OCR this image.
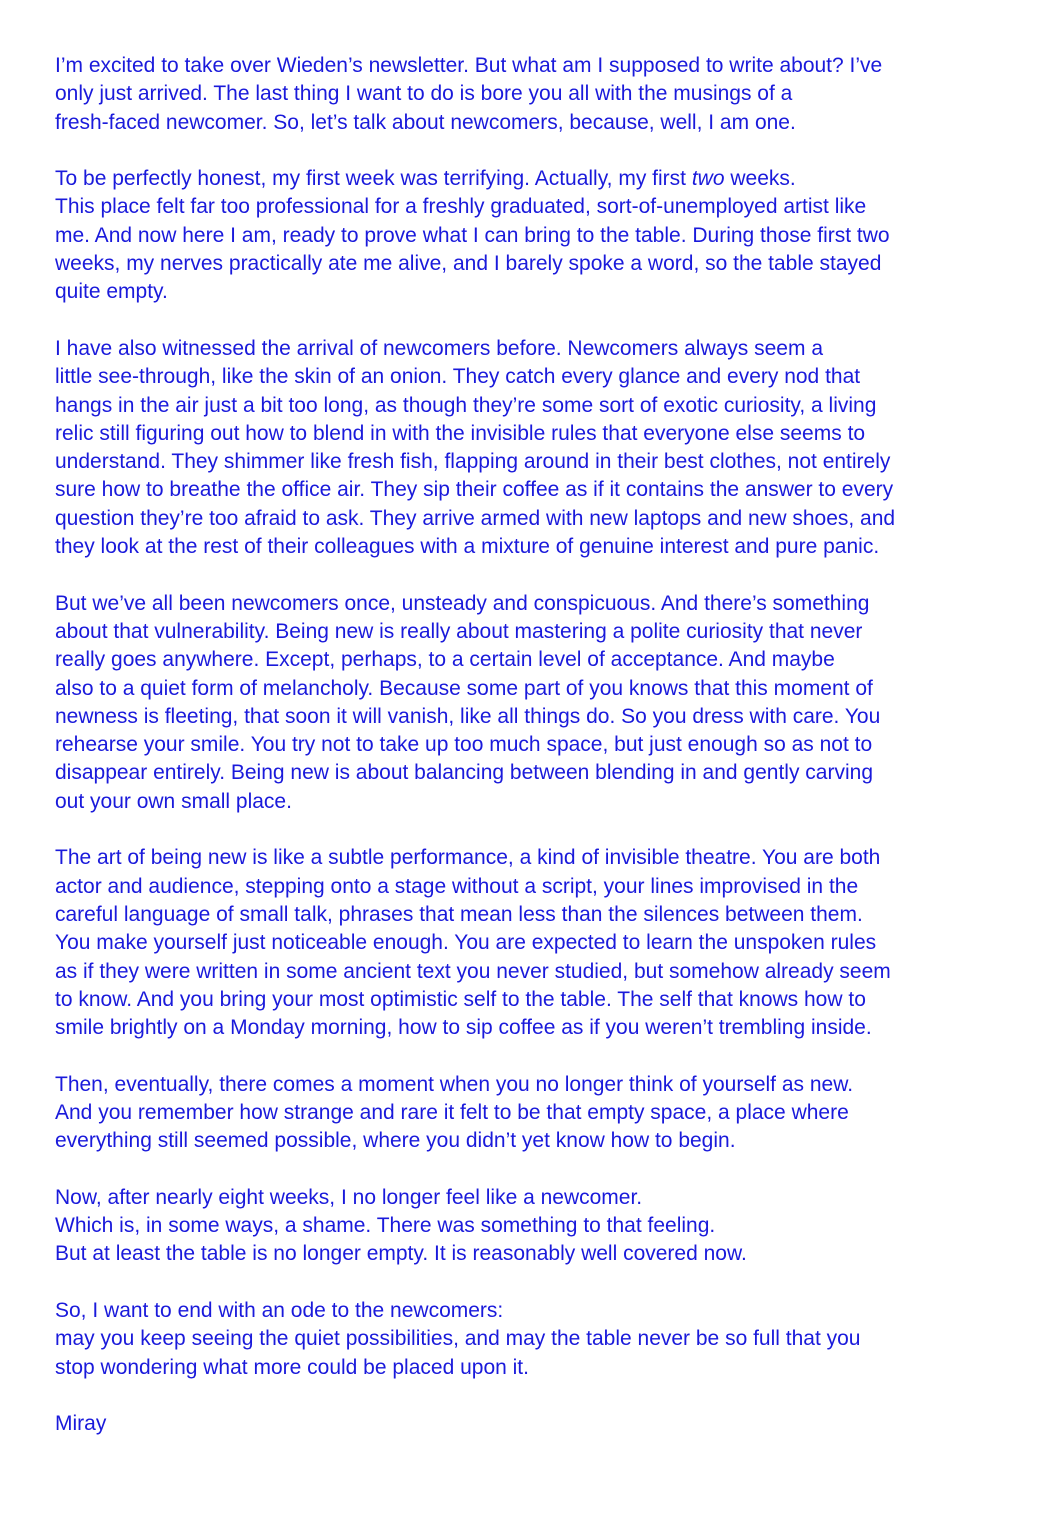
I’m excited to take over Wieden’s newsletter. But what am I supposed to write about? I’ve
only just arrived. The last thing I want to do is bore you all with the musings of a
fresh-faced newcomer. So, let’s talk about newcomers, because, well, I am one.

To be perfectly honest, my first week was terrifying. Actually, my first two weeks.
This place felt far too professional for a freshly graduated, sort-of-unemployed artist like
me. And now here I am, ready to prove what I can bring to the table. During those first two
weeks, my nerves practically ate me alive, and I barely spoke a word, so the table stayed
quite empty.

I have also witnessed the arrival of newcomers before. Newcomers always seem a
little see-through, like the skin of an onion. They catch every glance and every nod that
hangs in the air just a bit too long, as though they’re some sort of exotic curiosity, a living
relic still figuring out how to blend in with the invisible rules that everyone else seems to
understand. They shimmer like fresh fish, flapping around in their best clothes, not entirely
sure how to breathe the office air. They sip their coffee as if it contains the answer to every
question they’re too afraid to ask. They arrive armed with new laptops and new shoes, and
they look at the rest of their colleagues with a mixture of genuine interest and pure panic.

But we’ve all been newcomers once, unsteady and conspicuous. And there’s something
about that vulnerability. Being new is really about mastering a polite curiosity that never
really goes anywhere. Except, perhaps, to a certain level of acceptance. And maybe
also to a quiet form of melancholy. Because some part of you knows that this moment of
newness is fleeting, that soon it will vanish, like all things do. So you dress with care. You
rehearse your smile. You try not to take up too much space, but just enough so as not to
disappear entirely. Being new is about balancing between blending in and gently carving
out your own small place.

The art of being new is like a subtle performance, a kind of invisible theatre. You are both
actor and audience, stepping onto a stage without a script, your lines improvised in the
careful language of small talk, phrases that mean less than the silences between them.
You make yourself just noticeable enough. You are expected to learn the unspoken rules
as if they were written in some ancient text you never studied, but somehow already seem
to know. And you bring your most optimistic self to the table. The self that knows how to
smile brightly on a Monday morning, how to sip coffee as if you weren’t trembling inside.

Then, eventually, there comes a moment when you no longer think of yourself as new.
And you remember how strange and rare it felt to be that empty space, a place where
everything still seemed possible, where you didn’t yet know how to begin.

Now, after nearly eight weeks, I no longer feel like a newcomer.
Which is, in some ways, a shame. There was something to that feeling.
But at least the table is no longer empty. It is reasonably well covered now.

So, I want to end with an ode to the newcomers:
may you keep seeing the quiet possibilities, and may the table never be so full that you
stop wondering what more could be placed upon it.

Miray
